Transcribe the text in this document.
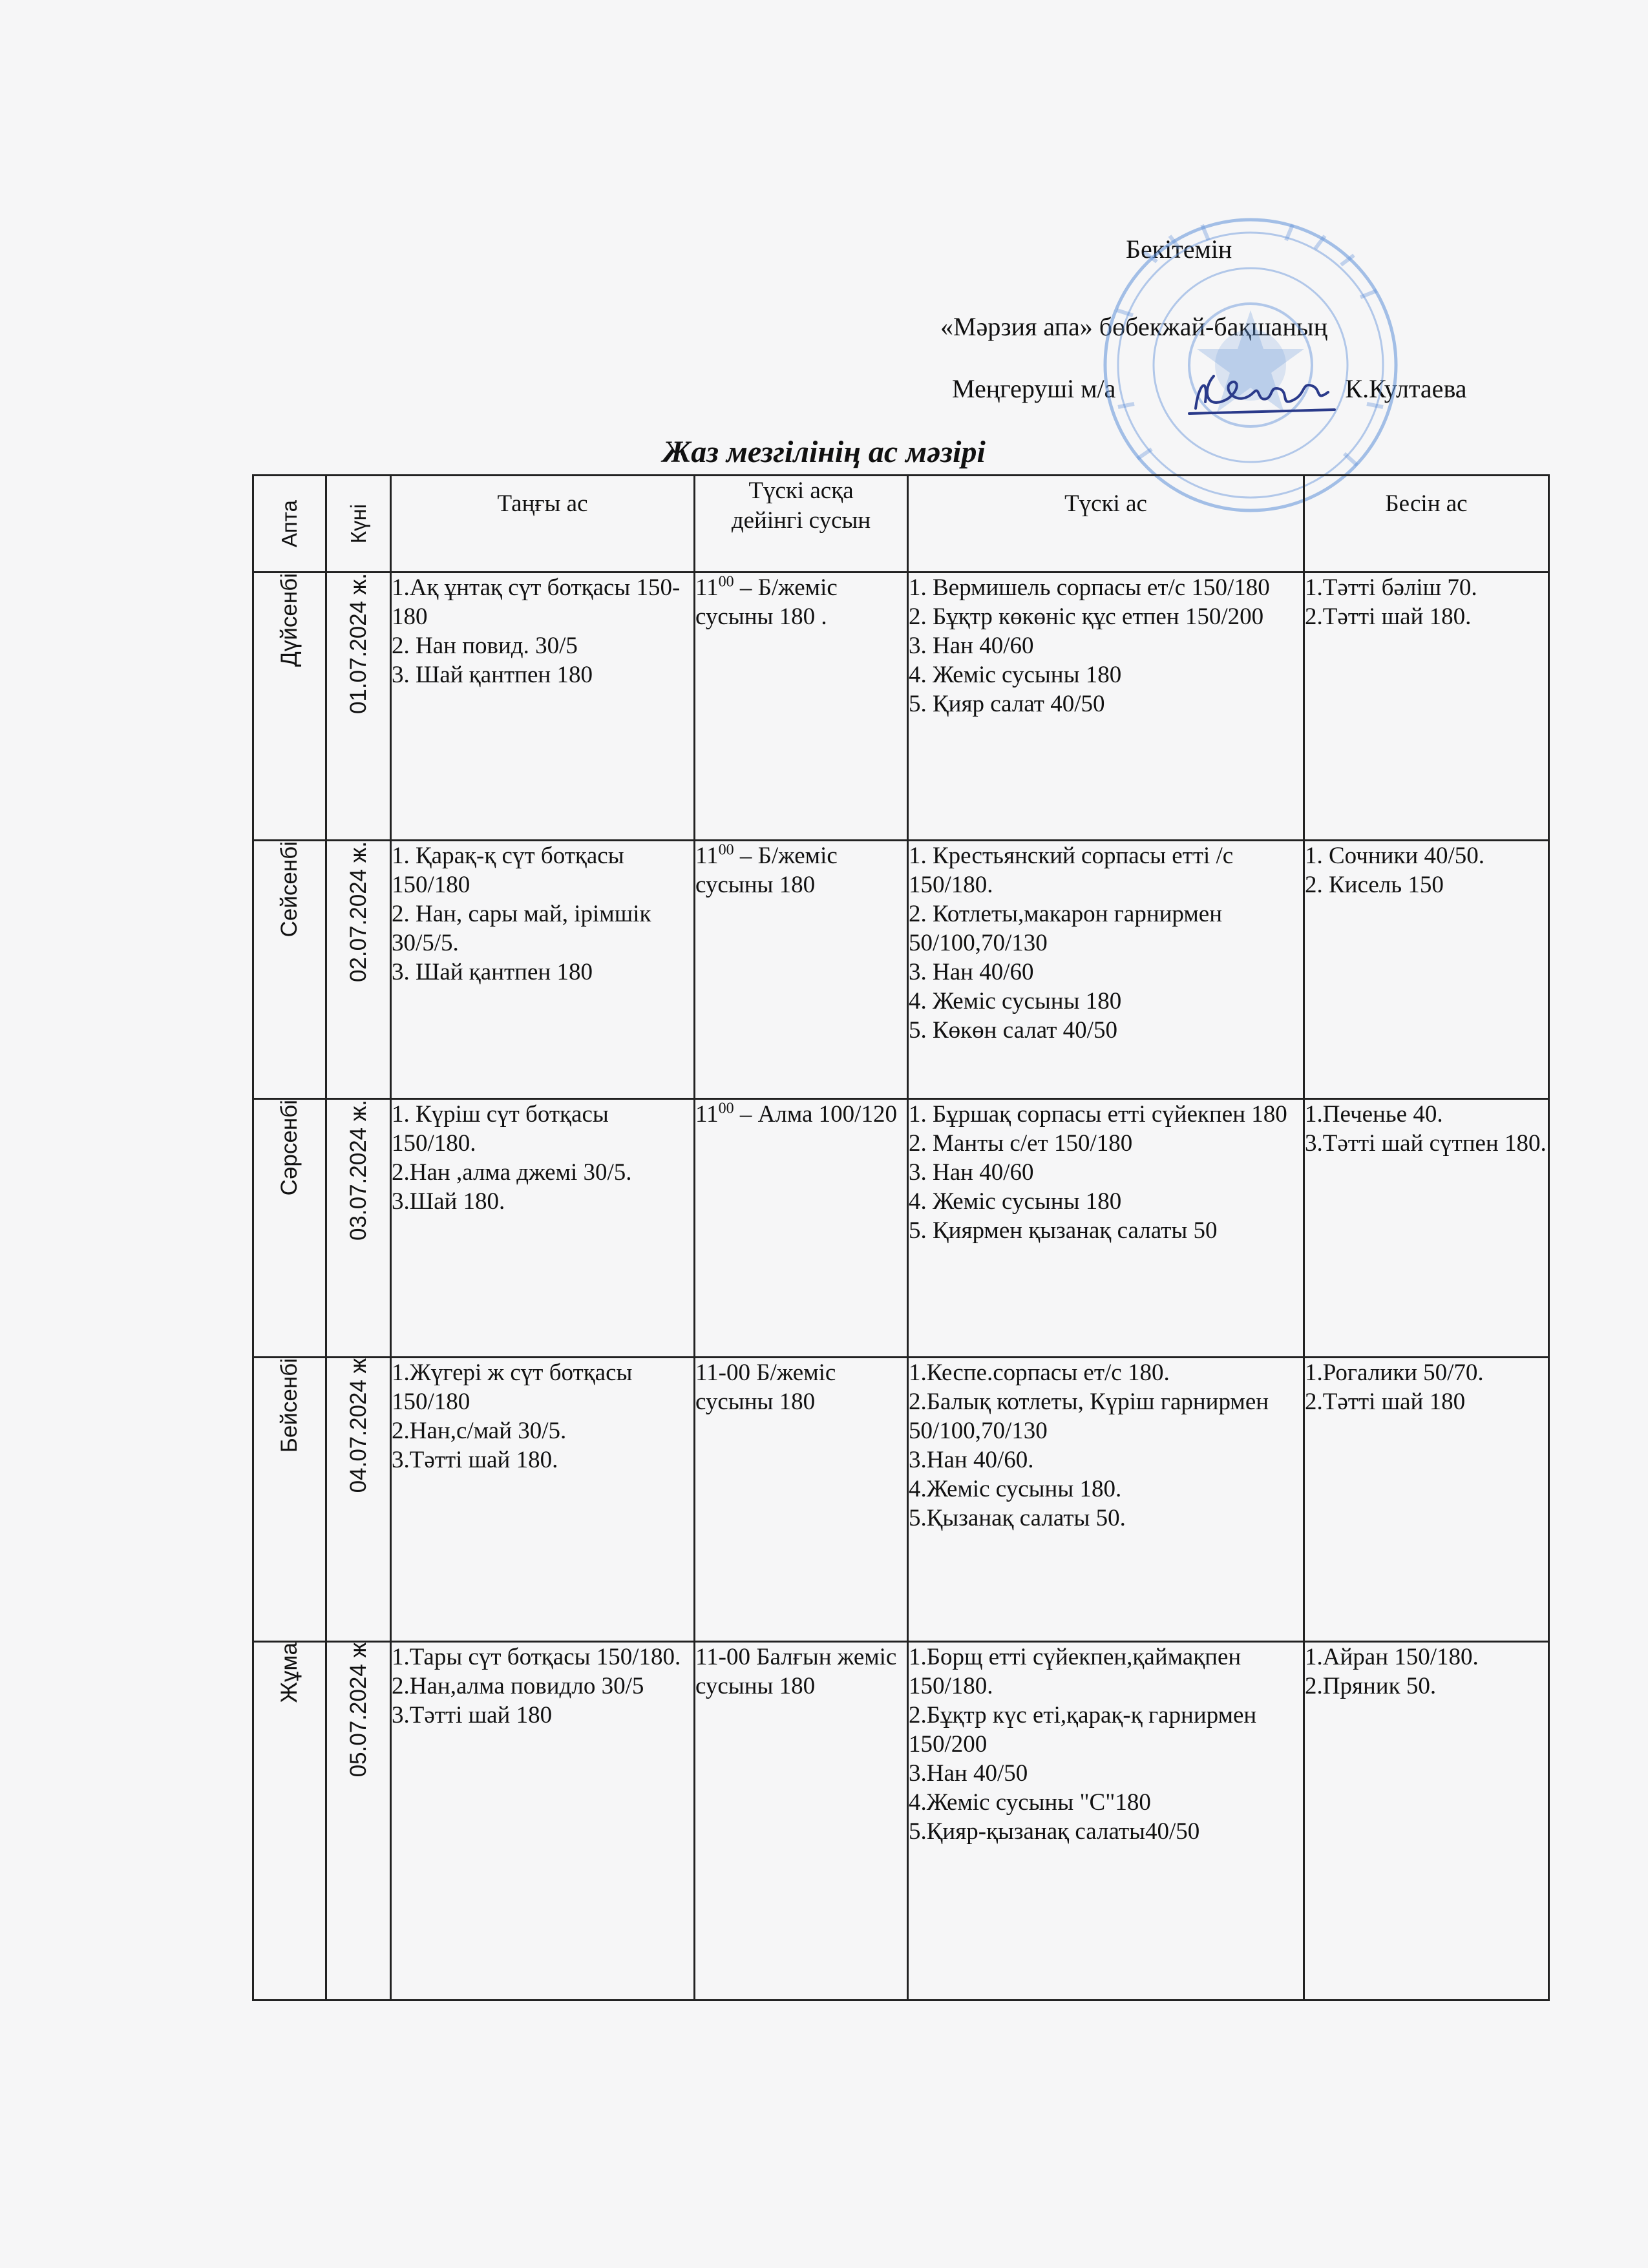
Бекітемін
«Мәрзия апа» бөбекжай-бақшаның
Меңгеруші м/а	К.Култаева
Жаз мезгілінің ас мәзірі
Апта	Күні	Таңғы ас	Түскі асқа дейінгі сусын	Түскі ас	Бесін ас

Дүйсенбі	01.07.2024 ж.	1.Ақ ұнтақ сүт ботқасы 150-180
2. Нан повид. 30/5
3. Шай қантпен 180	$11^{00}$ – Б/жеміс сусыны 180 .	1. Вермишель сорпасы ет/с 150/180
2. Бұқтр көкөніс құс етпен 150/200
3. Нан 40/60
4. Жеміс сусыны 180
5. Қияр салат 40/50	1.Тәтті бәліш 70.
2.Тәтті шай 180.

Сейсенбі	02.07.2024 ж.	1. Қарақ-қ сүт ботқасы 150/180
2. Нан, сары май, ірімшік 30/5/5.
3. Шай қантпен 180	$11^{00}$ – Б/жеміс сусыны 180	1. Крестьянский сорпасы етті /с 150/180.
2. Котлеты,макарон гарнирмен 50/100,70/130
3. Нан 40/60
4. Жеміс сусыны 180
5. Көкөн салат 40/50	1. Сочники 40/50.
2. Кисель 150

Сәрсенбі	03.07.2024 ж.	1. Күріш сүт ботқасы 150/180.
2.Нан ,алма джемі 30/5.
3.Шай 180.	$11^{00}$ – Алма 100/120	1. Бұршақ сорпасы етті сүйекпен 180
2. Манты с/ет 150/180
3. Нан 40/60
4. Жеміс сусыны 180
5. Қиярмен қызанақ салаты 50	1.Печенье 40.
3.Тәтті шай сүтпен 180.

Бейсенбі	04.07.2024 ж	1.Жүгері ж сүт ботқасы 150/180
2.Нан,с/май 30/5.
3.Тәтті шай 180.	11-00 Б/жеміс сусыны 180	1.Кеспе.сорпасы ет/с 180.
2.Балық котлеты, Күріш гарнирмен 50/100,70/130
3.Нан 40/60.
4.Жеміс сусыны 180.
5.Қызанақ салаты 50.	1.Рогалики 50/70.
2.Тәтті шай 180

Жұма	05.07.2024 ж	1.Тары сүт ботқасы 150/180.
2.Нан,алма повидло 30/5
3.Тәтті шай 180	11-00 Балғын жеміс сусыны 180	1.Борщ етті сүйекпен,қаймақпен 150/180.
2.Бұқтр күс еті,қарақ-қ гарнирмен 150/200
3.Нан 40/50
4.Жеміс сусыны "С"180
5.Қияр-қызанақ салаты40/50	1.Айран 150/180.
2.Пряник 50.
